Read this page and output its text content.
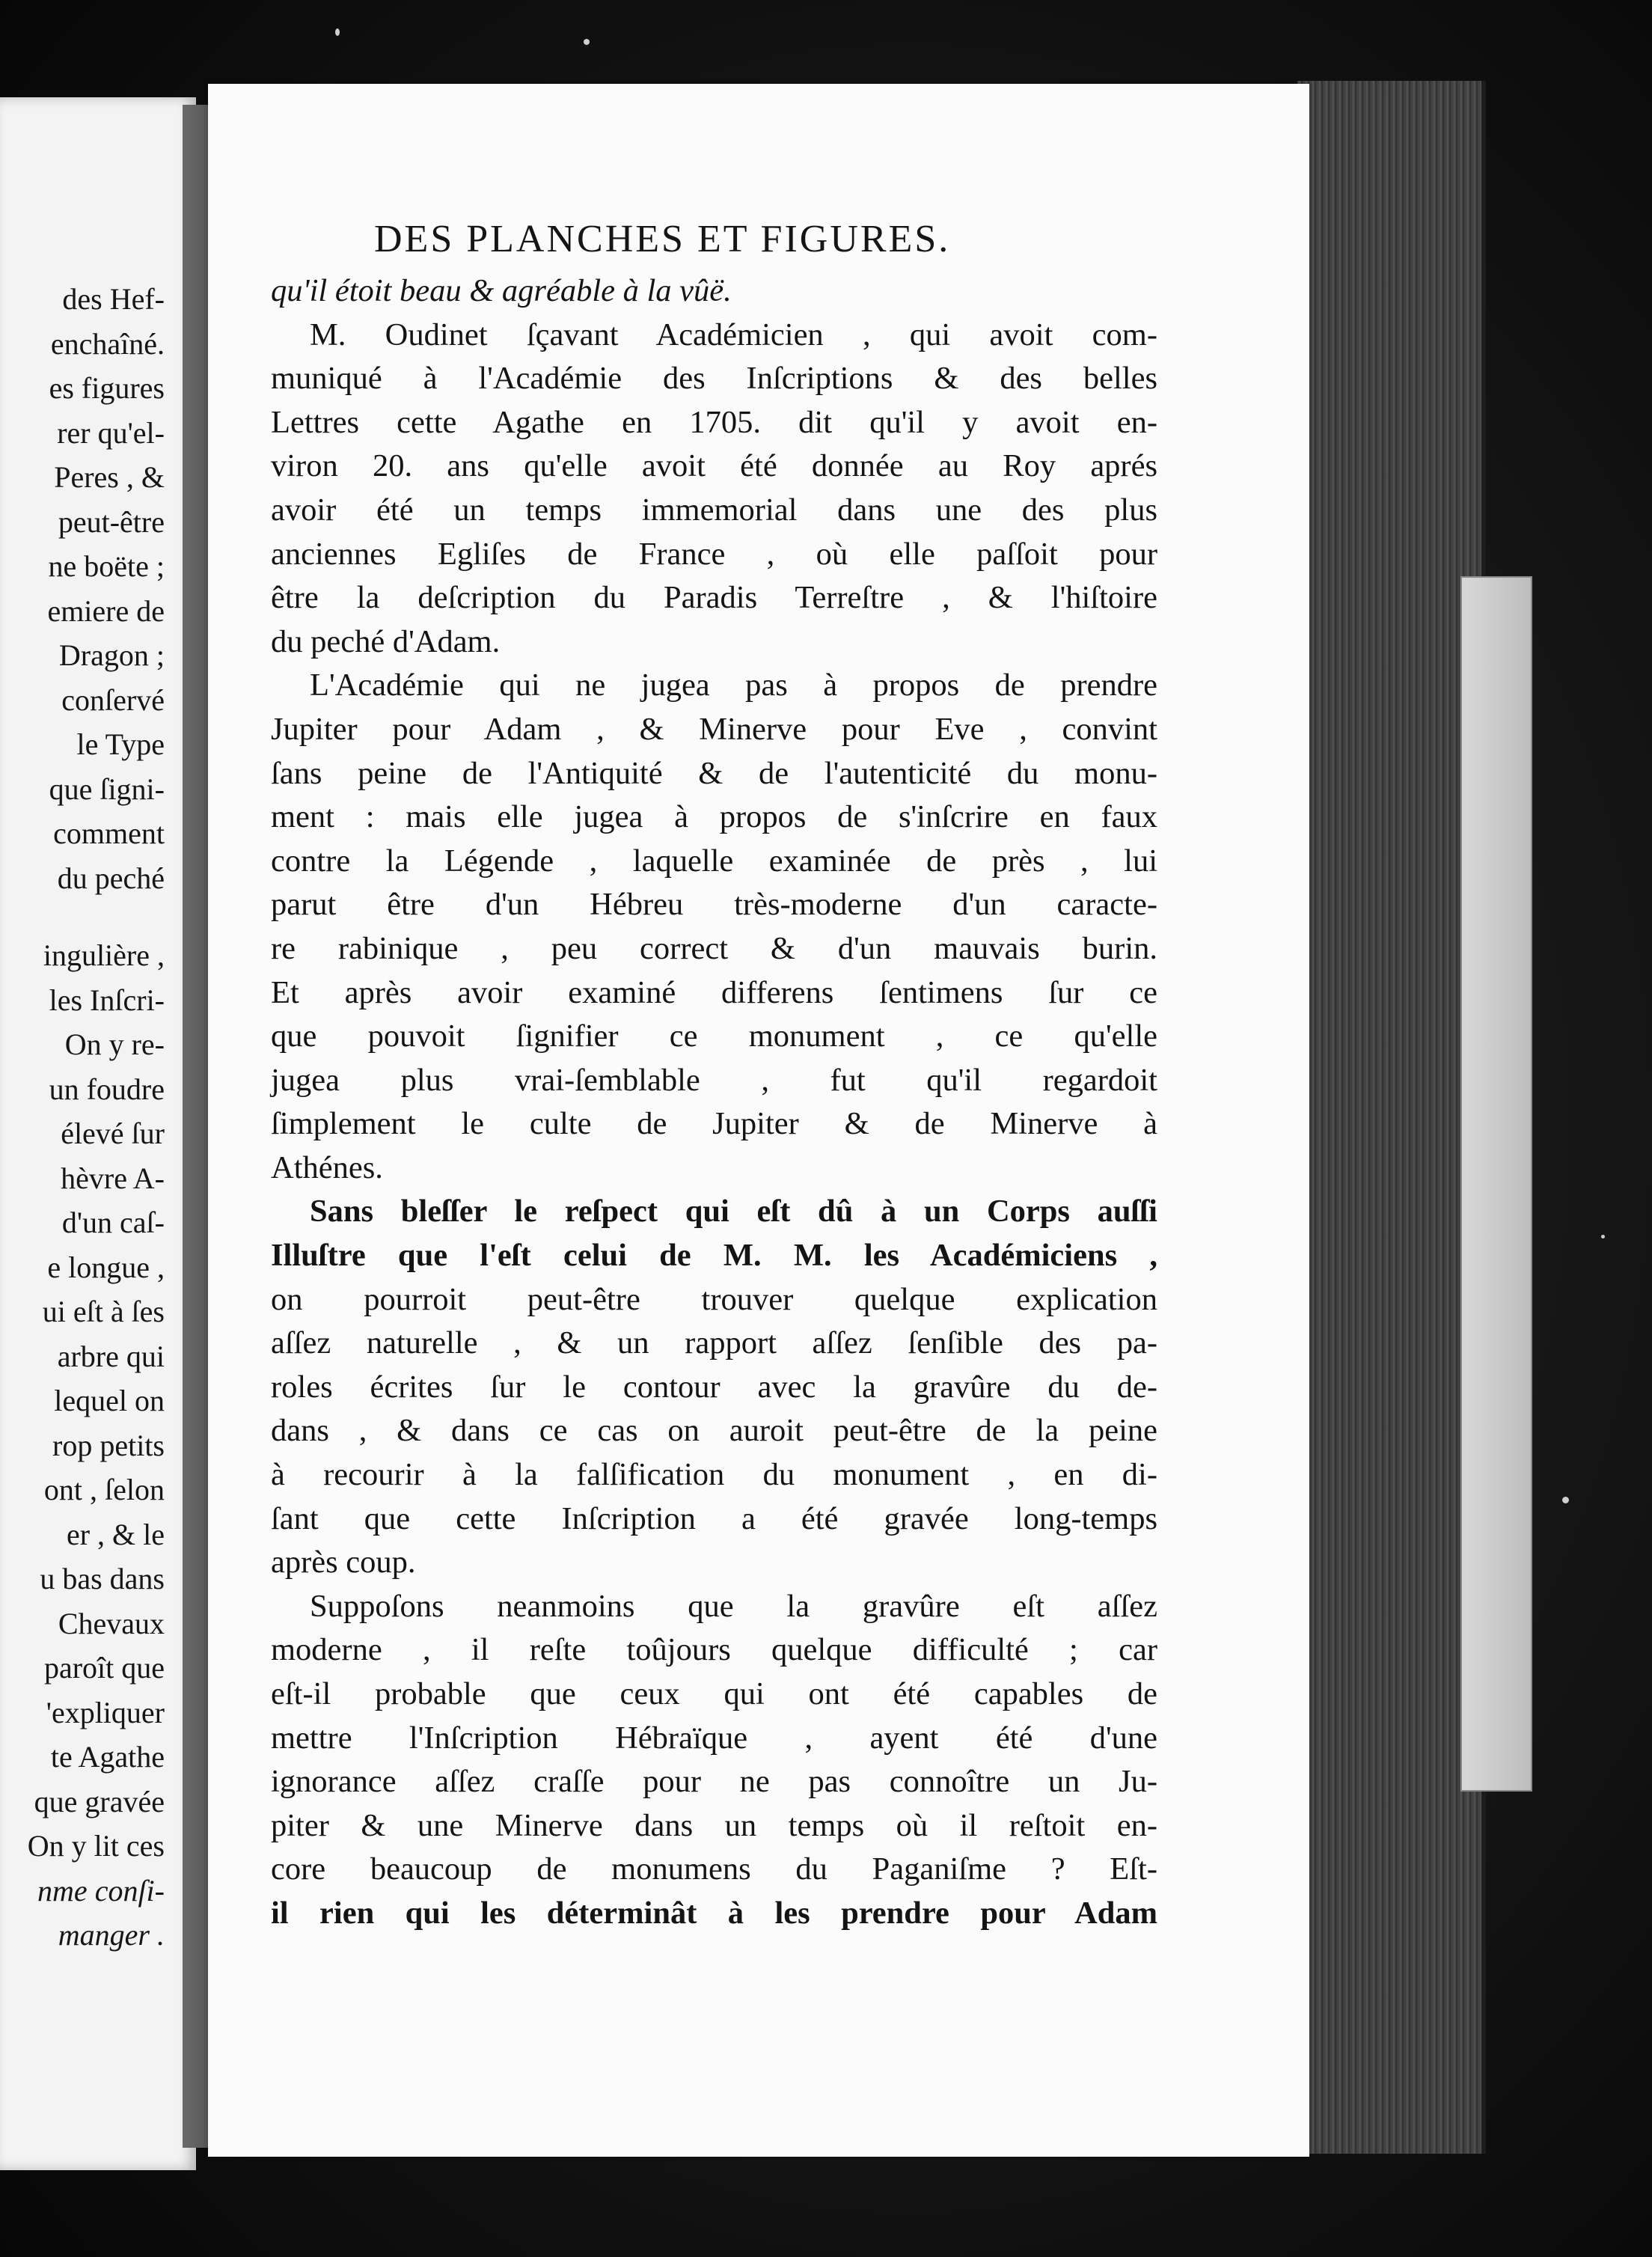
des Hef-
enchaîné.
es figures
rer qu'el-
Peres , &
peut-être
ne boëte ;
emiere de
Dragon ;
conſervé
le Type
que ſigni-
comment
du peché
ingulière ,
les Inſcri-
On y re-
un foudre
élevé ſur
hèvre A-
d'un caſ-
e longue ,
ui eſt à ſes
arbre qui
lequel on
rop petits
ont , ſelon
er , & le
u bas dans
Chevaux
paroît que
'expliquer
te Agathe
que gravée
On y lit ces
nme conſi-
manger .
DES PLANCHES ET FIGURES.
qu'il étoit beau & agréable à la vûë.
M. Oudinet ſçavant Académicien , qui avoit com-
muniqué à l'Académie des Inſcriptions & des belles
Lettres cette Agathe en 1705. dit qu'il y avoit en-
viron 20. ans qu'elle avoit été donnée au Roy aprés
avoir été un temps immemorial dans une des plus
anciennes Egliſes de France , où elle paſſoit pour
être la deſcription du Paradis Terreſtre , & l'hiſtoire
du peché d'Adam.
L'Académie qui ne jugea pas à propos de prendre
Jupiter pour Adam , & Minerve pour Eve , convint
ſans peine de l'Antiquité & de l'autenticité du monu-
ment : mais elle jugea à propos de s'inſcrire en faux
contre la Légende , laquelle examinée de près , lui
parut être d'un Hébreu très-moderne d'un caracte-
re rabinique , peu correct & d'un mauvais burin.
Et après avoir examiné differens ſentimens ſur ce
que pouvoit ſignifier ce monument , ce qu'elle
jugea plus vrai-ſemblable , fut qu'il regardoit
ſimplement le culte de Jupiter & de Minerve à
Athénes.
Sans bleſſer le reſpect qui eſt dû à un Corps auſſi
Illuſtre que l'eſt celui de M. M. les Académiciens ,
on pourroit peut-être trouver quelque explication
aſſez naturelle , & un rapport aſſez ſenſible des pa-
roles écrites ſur le contour avec la gravûre du de-
dans , & dans ce cas on auroit peut-être de la peine
à recourir à la falſification du monument , en di-
ſant que cette Inſcription a été gravée long-temps
après coup.
Suppoſons neanmoins que la gravûre eſt aſſez
moderne , il reſte toûjours quelque difficulté ; car
eſt-il probable que ceux qui ont été capables de
mettre l'Inſcription Hébraïque , ayent été d'une
ignorance aſſez craſſe pour ne pas connoître un Ju-
piter & une Minerve dans un temps où il reſtoit en-
core beaucoup de monumens du Paganiſme ? Eſt-
il rien qui les déterminât à les prendre pour Adam
